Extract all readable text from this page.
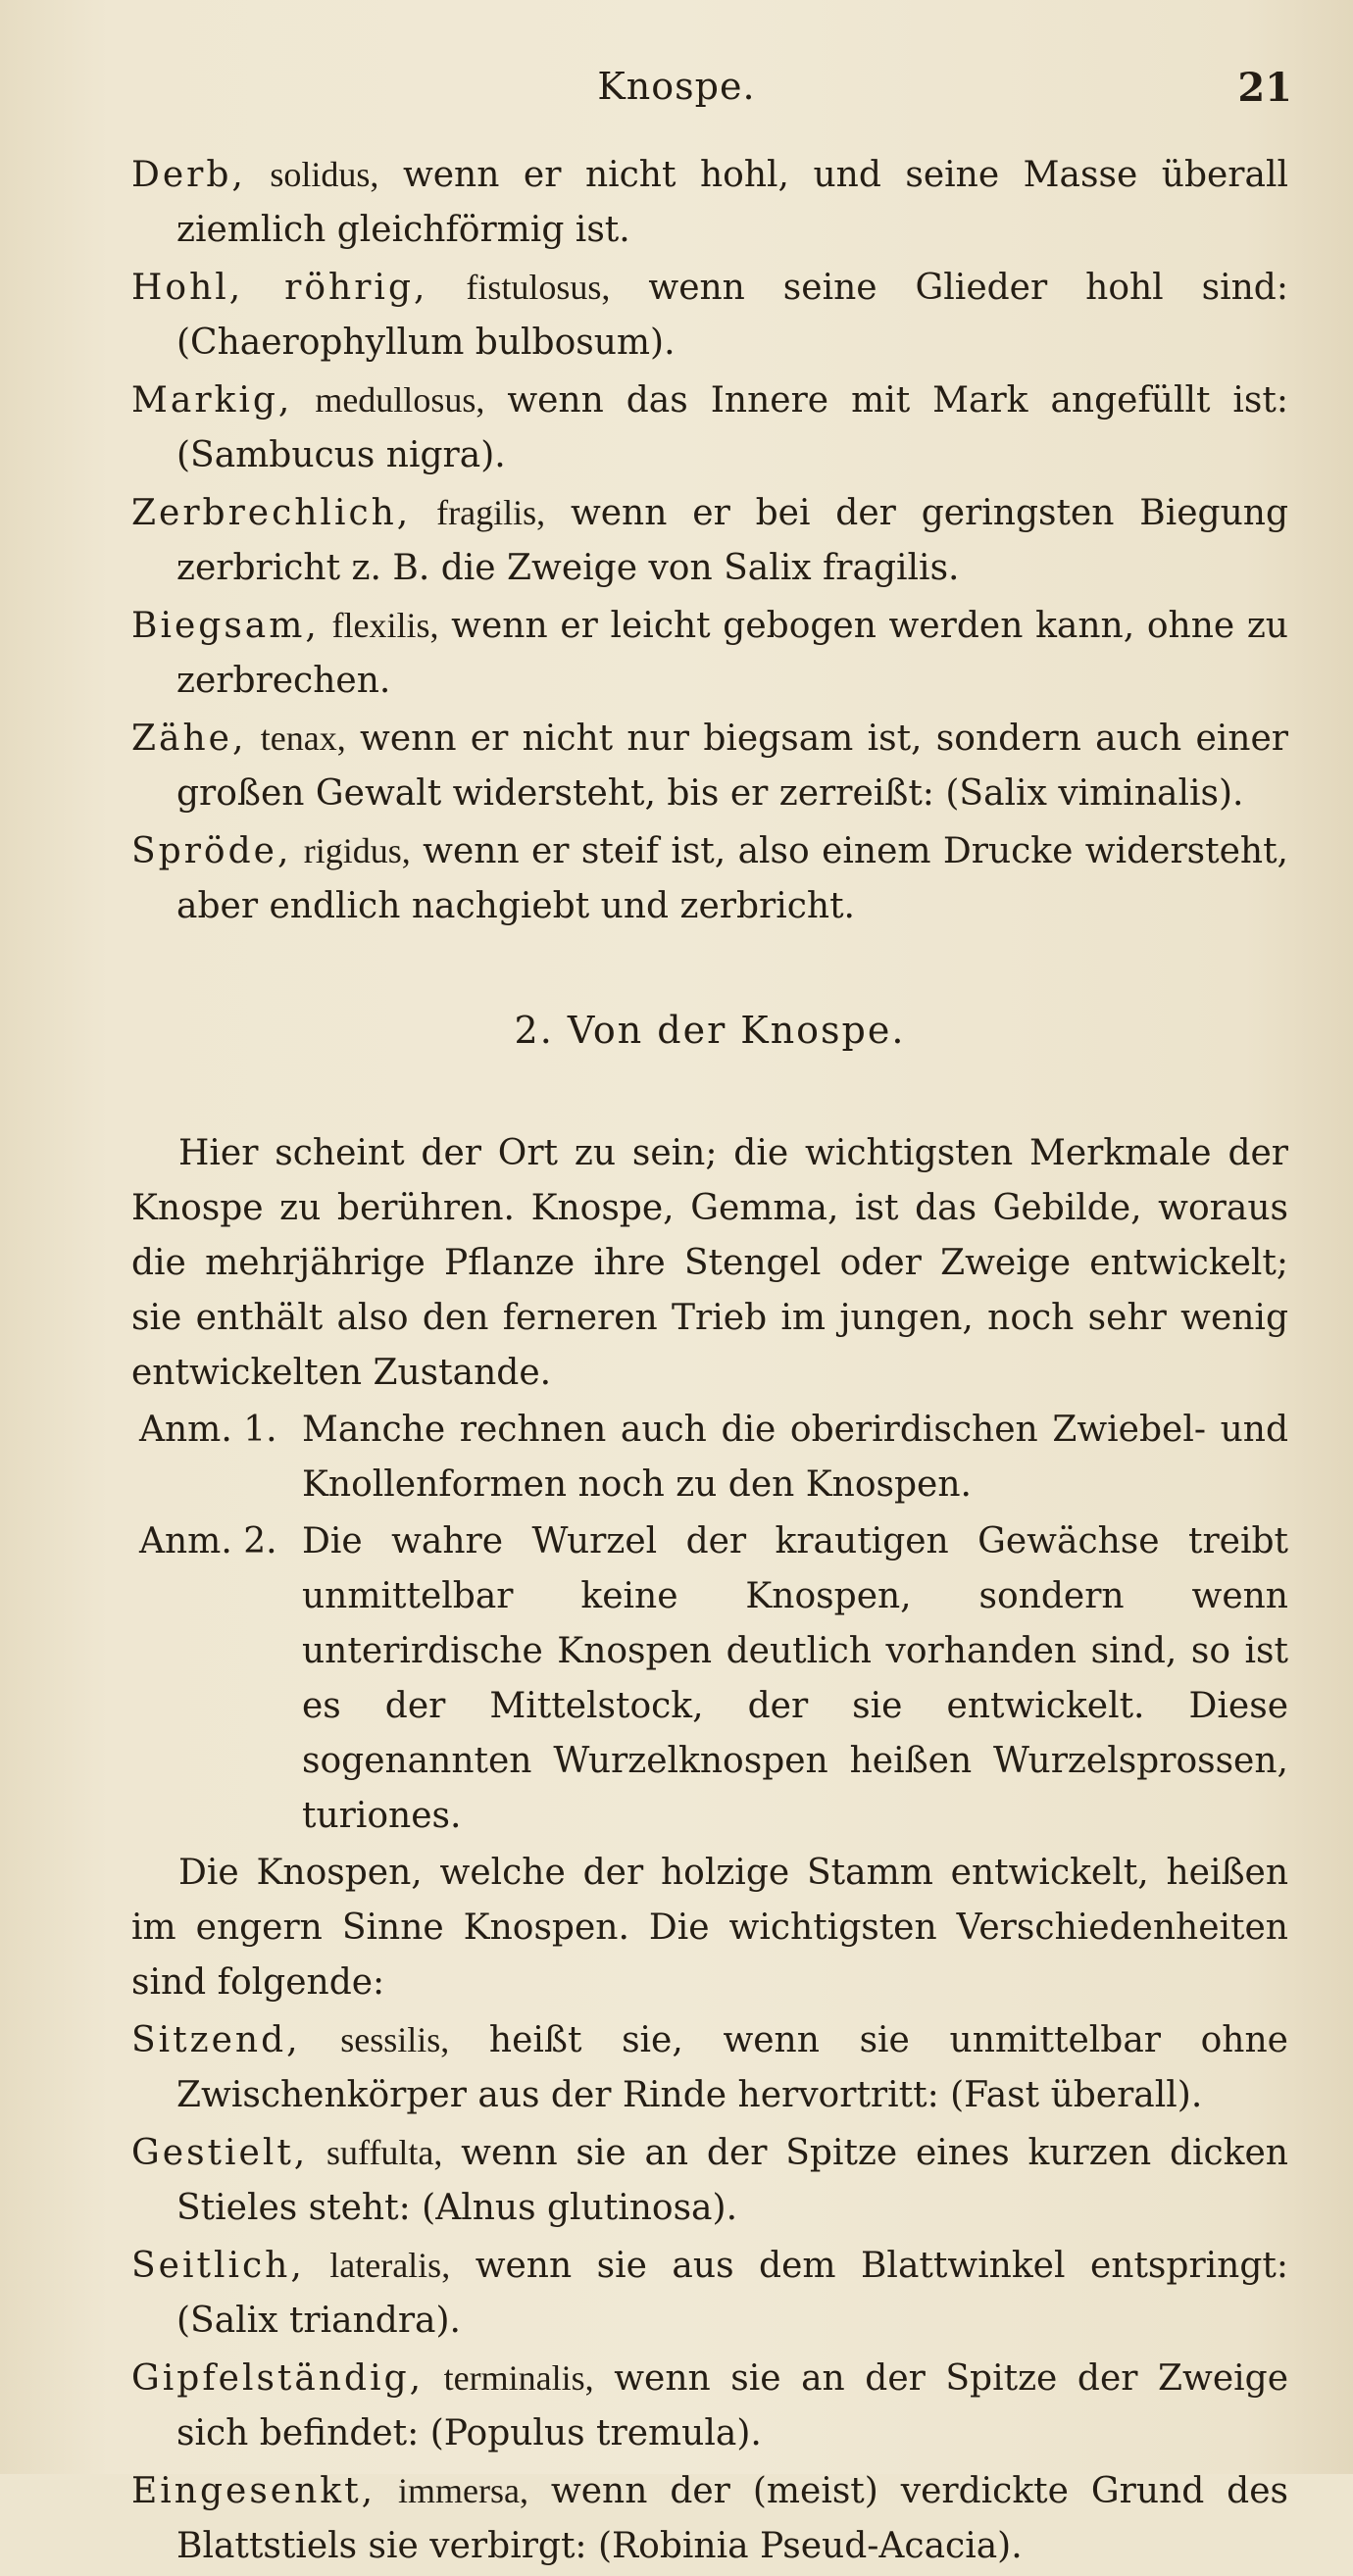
Knospe.	21

Derb, solidus, wenn er nicht hohl, und seine Masse überall ziemlich gleichförmig ist.

Hohl, röhrig, fistulosus, wenn seine Glieder hohl sind: (Chaerophyllum bulbosum).

Markig, medullosus, wenn das Innere mit Mark angefüllt ist: (Sambucus nigra).

Zerbrechlich, fragilis, wenn er bei der geringsten Biegung zerbricht z. B. die Zweige von Salix fragilis.

Biegsam, flexilis, wenn er leicht gebogen werden kann, ohne zu zerbrechen.

Zähe, tenax, wenn er nicht nur biegsam ist, sondern auch einer großen Gewalt widersteht, bis er zerreißt: (Salix viminalis).

Spröde, rigidus, wenn er steif ist, also einem Drucke widersteht, aber endlich nachgiebt und zerbricht.

2. Von der Knospe.

Hier scheint der Ort zu sein; die wichtigsten Merkmale der Knospe zu berühren. Knospe, Gemma, ist das Gebilde, woraus die mehrjährige Pflanze ihre Stengel oder Zweige entwickelt; sie enthält also den ferneren Trieb im jungen, noch sehr wenig entwickelten Zustande.

Anm. 1. Manche rechnen auch die oberirdischen Zwiebel- und Knollenformen noch zu den Knospen.

Anm. 2. Die wahre Wurzel der krautigen Gewächse treibt unmittelbar keine Knospen, sondern wenn unterirdische Knospen deutlich vorhanden sind, so ist es der Mittelstock, der sie entwickelt. Diese sogenannten Wurzelknospen heißen Wurzelsprossen, turiones.

Die Knospen, welche der holzige Stamm entwickelt, heißen im engern Sinne Knospen. Die wichtigsten Verschiedenheiten sind folgende:

Sitzend, sessilis, heißt sie, wenn sie unmittelbar ohne Zwischenkörper aus der Rinde hervortritt: (Fast überall).

Gestielt, suffulta, wenn sie an der Spitze eines kurzen dicken Stieles steht: (Alnus glutinosa).

Seitlich, lateralis, wenn sie aus dem Blattwinkel entspringt: (Salix triandra).

Gipfelständig, terminalis, wenn sie an der Spitze der Zweige sich befindet: (Populus tremula).

Eingesenkt, immersa, wenn der (meist) verdickte Grund des Blattstiels sie verbirgt: (Robinia Pseud-Acacia).
